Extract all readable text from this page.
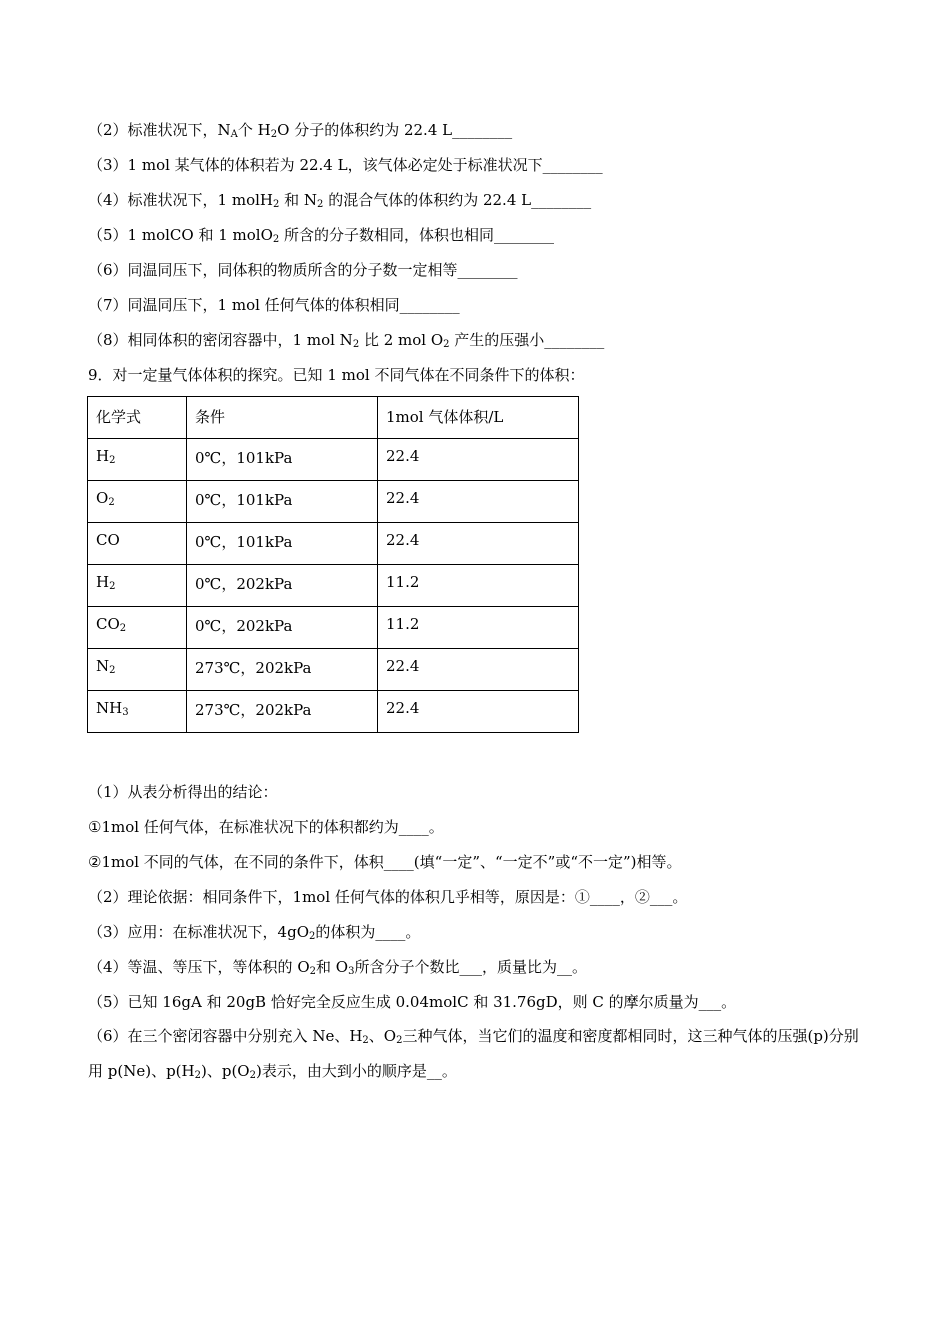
（2）标准状况下，$N_A$个 $H_2O$ 分子的体积约为 22.4 L________
（3）1 mol 某气体的体积若为 22.4 L，该气体必定处于标准状况下________
（4）标准状况下，1 molH$_2$ 和 $N_2$ 的混合气体的体积约为 22.4 L________
（5）1 molCO 和 1 molO$_2$ 所含的分子数相同，体积也相同________
（6）同温同压下，同体积的物质所含的分子数一定相等________
（7）同温同压下，1 mol 任何气体的体积相同________
（8）相同体积的密闭容器中，1 mol $N_2$ 比 2 mol $O_2$ 产生的压强小________
9．对一定量气体体积的探究。已知 1 mol 不同气体在不同条件下的体积：
化学式	条件	1mol 气体体积/L
$H_2$	0℃，101kPa	22.4
$O_2$	0℃，101kPa	22.4
CO	0℃，101kPa	22.4
$H_2$	0℃，202kPa	11.2
$CO_2$	0℃，202kPa	11.2
$N_2$	273℃，202kPa	22.4
$NH_3$	273℃，202kPa	22.4
（1）从表分析得出的结论：
①1mol 任何气体，在标准状况下的体积都约为____。
②1mol 不同的气体，在不同的条件下，体积____(填“一定”、“一定不”或“不一定”)相等。
（2）理论依据：相同条件下，1mol 任何气体的体积几乎相等，原因是：①____，②___。
（3）应用：在标准状况下，$4gO_2$的体积为____。
（4）等温、等压下，等体积的 $O_2$和 $O_3$所含分子个数比___，质量比为__。
（5）已知 16gA 和 20gB 恰好完全反应生成 0.04molC 和 31.76gD，则 C 的摩尔质量为___。
（6）在三个密闭容器中分别充入 Ne、$H_2$、$O_2$三种气体，当它们的温度和密度都相同时，这三种气体的压强(p)分别用 p(Ne)、$p(H_2)$、$p(O_2)$表示，由大到小的顺序是__。
